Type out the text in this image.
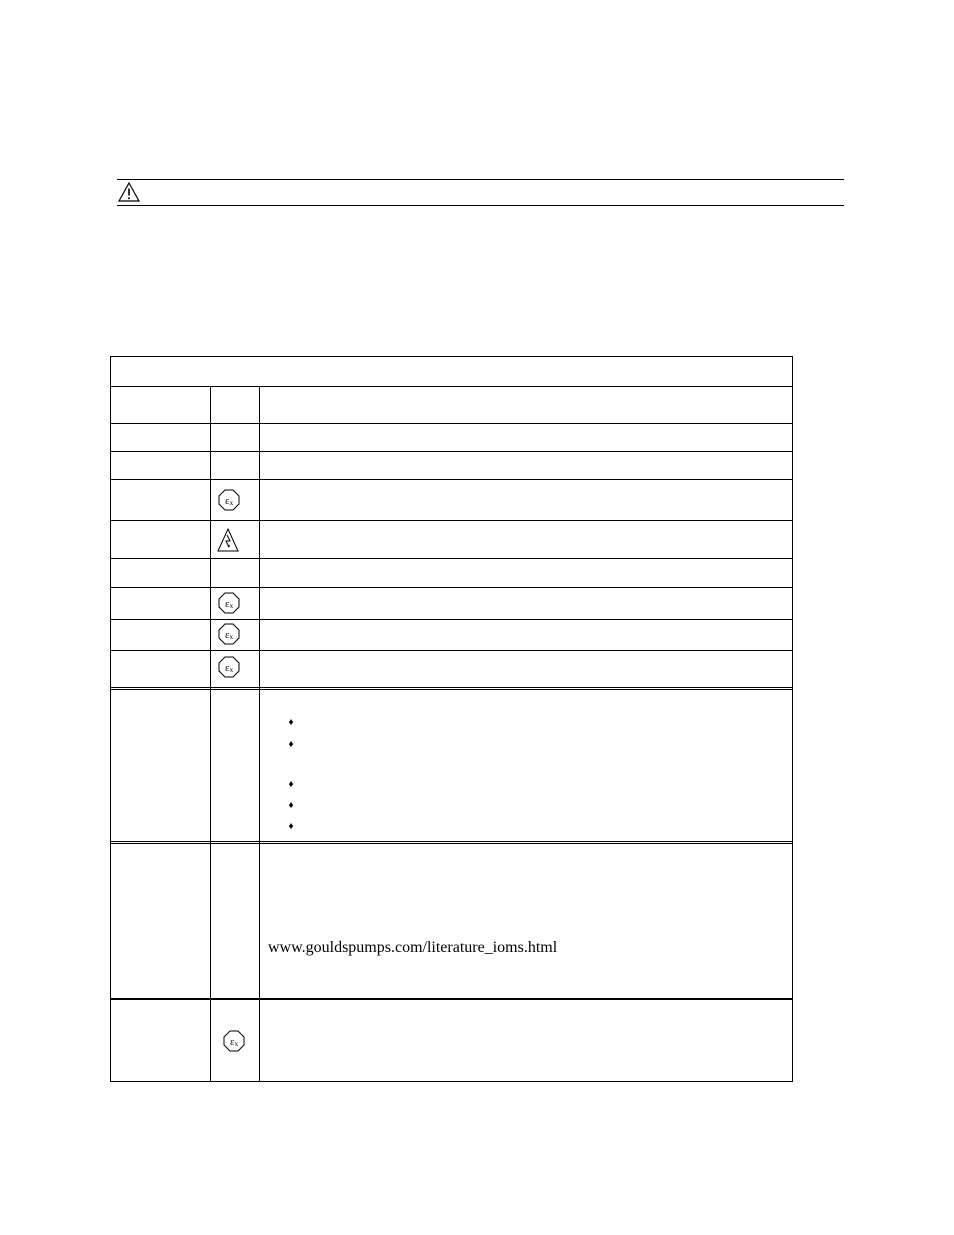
εx
εx
εx
εx
εx
♦
♦
♦
♦
♦
www.gouldspumps.com/literature_ioms.html
